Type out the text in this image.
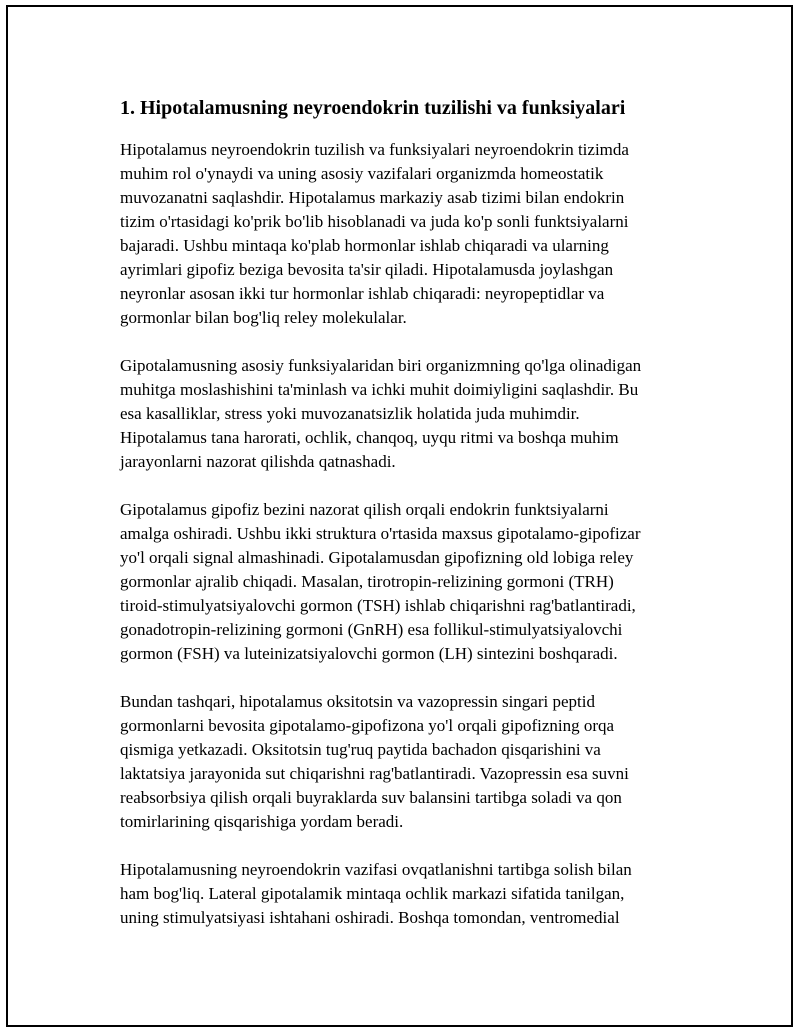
1. Hipotalamusning neyroendokrin tuzilishi va funksiyalari

Hipotalamus neyroendokrin tuzilish va funksiyalari neyroendokrin tizimda
muhim rol o'ynaydi va uning asosiy vazifalari organizmda homeostatik
muvozanatni saqlashdir. Hipotalamus markaziy asab tizimi bilan endokrin
tizim o'rtasidagi ko'prik bo'lib hisoblanadi va juda ko'p sonli funktsiyalarni
bajaradi. Ushbu mintaqa ko'plab hormonlar ishlab chiqaradi va ularning
ayrimlari gipofiz beziga bevosita ta'sir qiladi. Hipotalamusda joylashgan
neyronlar asosan ikki tur hormonlar ishlab chiqaradi: neyropeptidlar va
gormonlar bilan bog'liq reley molekulalar.

Gipotalamusning asosiy funksiyalaridan biri organizmning qo'lga olinadigan
muhitga moslashishini ta'minlash va ichki muhit doimiyligini saqlashdir. Bu
esa kasalliklar, stress yoki muvozanatsizlik holatida juda muhimdir.
Hipotalamus tana harorati, ochlik, chanqoq, uyqu ritmi va boshqa muhim
jarayonlarni nazorat qilishda qatnashadi.

Gipotalamus gipofiz bezini nazorat qilish orqali endokrin funktsiyalarni
amalga oshiradi. Ushbu ikki struktura o'rtasida maxsus gipotalamo-gipofizar
yo'l orqali signal almashinadi. Gipotalamusdan gipofizning old lobiga reley
gormonlar ajralib chiqadi. Masalan, tirotropin-relizining gormoni (TRH)
tiroid-stimulyatsiyalovchi gormon (TSH) ishlab chiqarishni rag'batlantiradi,
gonadotropin-relizining gormoni (GnRH) esa follikul-stimulyatsiyalovchi
gormon (FSH) va luteinizatsiyalovchi gormon (LH) sintezini boshqaradi.

Bundan tashqari, hipotalamus oksitotsin va vazopressin singari peptid
gormonlarni bevosita gipotalamo-gipofizona yo'l orqali gipofizning orqa
qismiga yetkazadi. Oksitotsin tug'ruq paytida bachadon qisqarishini va
laktatsiya jarayonida sut chiqarishni rag'batlantiradi. Vazopressin esa suvni
reabsorbsiya qilish orqali buyraklarda suv balansini tartibga soladi va qon
tomirlarining qisqarishiga yordam beradi.

Hipotalamusning neyroendokrin vazifasi ovqatlanishni tartibga solish bilan
ham bog'liq. Lateral gipotalamik mintaqa ochlik markazi sifatida tanilgan,
uning stimulyatsiyasi ishtahani oshiradi. Boshqa tomondan, ventromedial
